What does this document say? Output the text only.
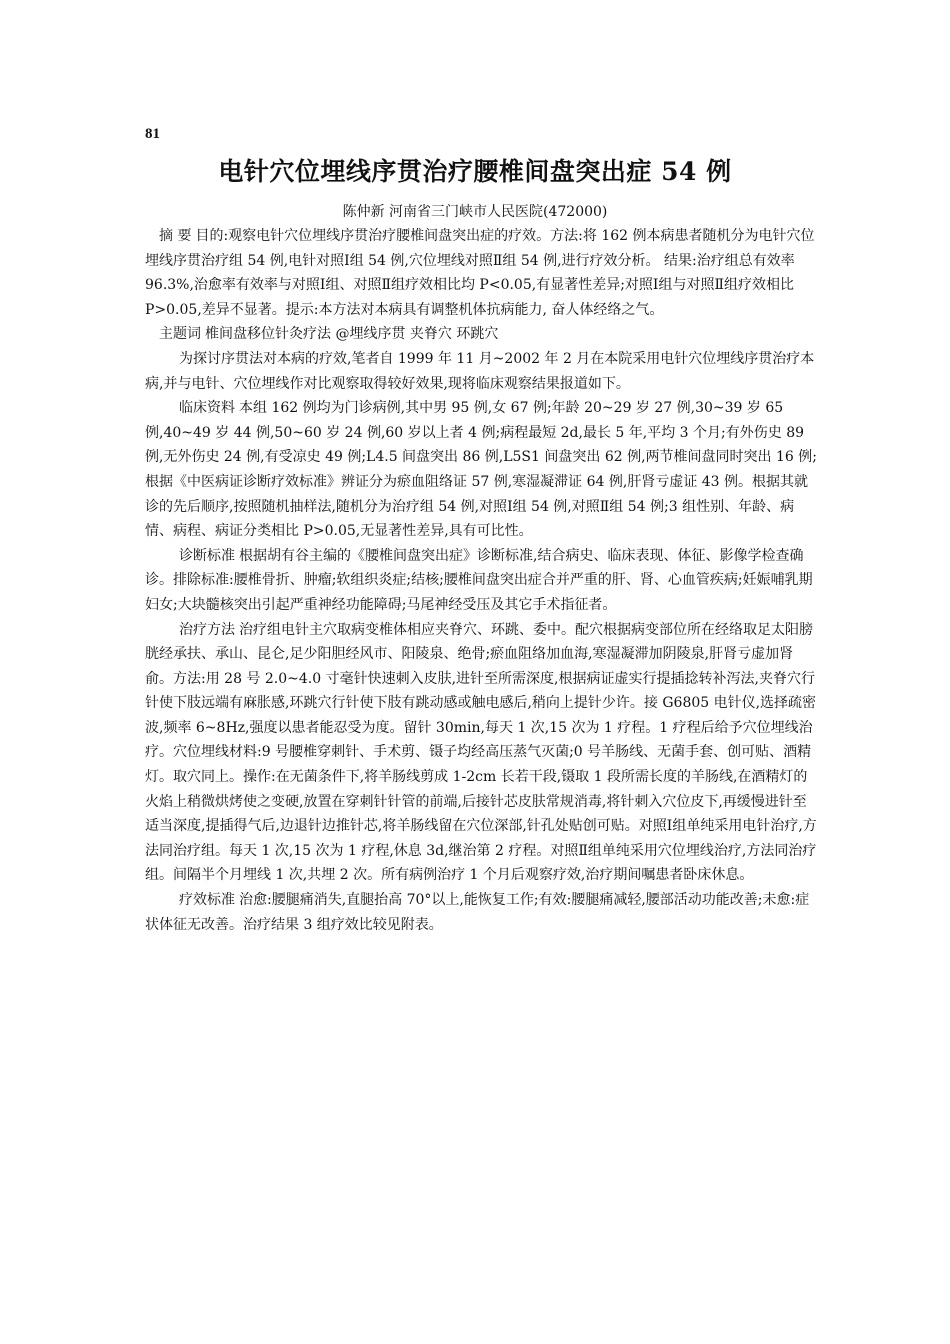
81
电针穴位埋线序贯治疗腰椎间盘突出症 54 例
陈仲新 河南省三门峡市人民医院(472000)

摘 要 目的:观察电针穴位埋线序贯治疗腰椎间盘突出症的疗效。方法:将 162 例本病患者随机分为电针穴位埋线序贯治疗组 54 例,电针对照Ⅰ组 54 例,穴位埋线对照Ⅱ组 54 例,进行疗效分析。 结果:治疗组总有效率 96.3%,治愈率有效率与对照Ⅰ组、对照Ⅱ组疗效相比均 P<0.05,有显著性差异;对照Ⅰ组与对照Ⅱ组疗效相比 P>0.05,差异不显著。提示:本方法对本病具有调整机体抗病能力, 奋人体经络之气。

主题词 椎间盘移位针灸疗法 @埋线序贯 夹脊穴 环跳穴

为探讨序贯法对本病的疗效,笔者自 1999 年 11 月~2002 年 2 月在本院采用电针穴位埋线序贯治疗本病,并与电针、穴位埋线作对比观察取得较好效果,现将临床观察结果报道如下。

临床资料 本组 162 例均为门诊病例,其中男 95 例,女 67 例;年龄 20~29 岁 27 例,30~39 岁 65 例,40~49 岁 44 例,50~60 岁 24 例,60 岁以上者 4 例;病程最短 2d,最长 5 年,平均 3 个月;有外伤史 89 例,无外伤史 24 例,有受凉史 49 例;L4.5 间盘突出 86 例,L5S1 间盘突出 62 例,两节椎间盘同时突出 16 例;根据《中医病证诊断疗效标准》辨证分为瘀血阻络证 57 例,寒湿凝滞证 64 例,肝肾亏虚证 43 例。根据其就诊的先后顺序,按照随机抽样法,随机分为治疗组 54 例,对照Ⅰ组 54 例,对照Ⅱ组 54 例;3 组性别、年龄、病情、病程、病证分类相比 P>0.05,无显著性差异,具有可比性。

诊断标准 根据胡有谷主编的《腰椎间盘突出症》诊断标准,结合病史、临床表现、体征、影像学检查确诊。排除标准:腰椎骨折、肿瘤;软组织炎症;结核;腰椎间盘突出症合并严重的肝、肾、心血管疾病;妊娠哺乳期妇女;大块髓核突出引起严重神经功能障碍;马尾神经受压及其它手术指征者。

治疗方法 治疗组电针主穴取病变椎体相应夹脊穴、环跳、委中。配穴根据病变部位所在经络取足太阳膀胱经承扶、承山、昆仑,足少阳胆经风市、阳陵泉、绝骨;瘀血阻络加血海,寒湿凝滞加阴陵泉,肝肾亏虚加肾俞。方法:用 28 号 2.0~4.0 寸毫针快速刺入皮肤,进针至所需深度,根据病证虚实行提插捻转补泻法,夹脊穴行针使下肢远端有麻胀感,环跳穴行针使下肢有跳动感或触电感后,稍向上提针少许。接 G6805 电针仪,选择疏密波,频率 6~8Hz,强度以患者能忍受为度。留针 30min,每天 1 次,15 次为 1 疗程。1 疗程后给予穴位埋线治疗。穴位埋线材料:9 号腰椎穿刺针、手术剪、镊子均经高压蒸气灭菌;0 号羊肠线、无菌手套、创可贴、酒精灯。取穴同上。操作:在无菌条件下,将羊肠线剪成 1-2cm 长若干段,镊取 1 段所需长度的羊肠线,在酒精灯的火焰上稍微烘烤使之变硬,放置在穿刺针针管的前端,后接针芯皮肤常规消毒,将针刺入穴位皮下,再缓慢进针至适当深度,提插得气后,边退针边推针芯,将羊肠线留在穴位深部,针孔处贴创可贴。对照Ⅰ组单纯采用电针治疗,方法同治疗组。每天 1 次,15 次为 1 疗程,休息 3d,继治第 2 疗程。对照Ⅱ组单纯采用穴位埋线治疗,方法同治疗组。间隔半个月埋线 1 次,共埋 2 次。所有病例治疗 1 个月后观察疗效,治疗期间嘱患者卧床休息。

疗效标准 治愈:腰腿痛消失,直腿抬高 70°以上,能恢复工作;有效:腰腿痛减轻,腰部活动功能改善;未愈:症状体征无改善。治疗结果 3 组疗效比较见附表。
